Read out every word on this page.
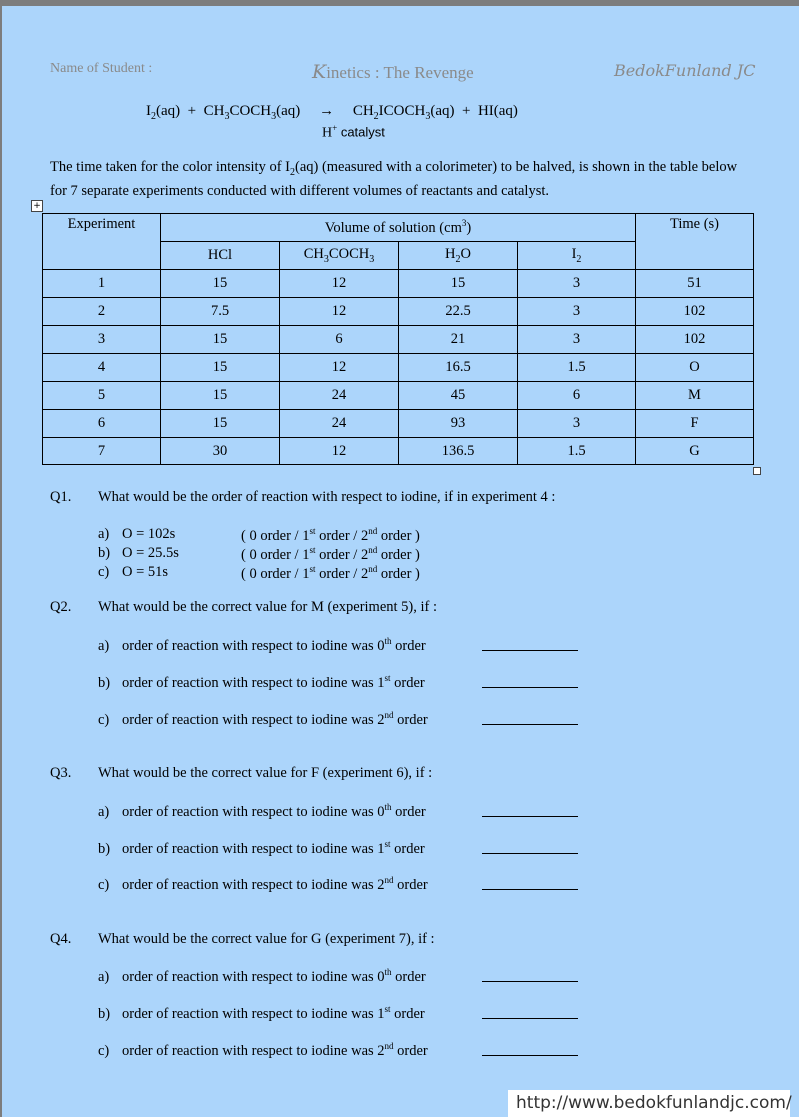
Name of Student :	Kinetics : The Revenge	BedokFunland JC
$I_2(aq)$ + $CH_3COCH_3(aq)$ → $CH_2ICOCH_3(aq) + HI(aq)$
H+ catalyst
The time taken for the color intensity of $I_2(aq)$ (measured with a colorimeter) to be halved, is shown in the table below for 7 separate experiments conducted with different volumes of reactants and catalyst.
+
Experiment	Volume of solution $(cm^3)$				Time (s)
	HCl	$CH_3COCH_3$	$H_2O$	$I_2$
1	15	12	15	3	51
2	7.5	12	22.5	3	102
3	15	6	21	3	102
4	15	12	16.5	1.5	O
5	15	24	45	6	M
6	15	24	93	3	F
7	30	12	136.5	1.5	G
Q1. What would be the order of reaction with respect to iodine, if in experiment 4 :
a) O = 102s	( 0 order / 1st order / 2nd order )
b) O = 25.5s	( 0 order / 1st order / 2nd order )
c) O = 51s	( 0 order / 1st order / 2nd order )
Q2. What would be the correct value for M (experiment 5), if :
a) order of reaction with respect to iodine was 0th order
b) order of reaction with respect to iodine was 1st order
c) order of reaction with respect to iodine was 2nd order
Q3. What would be the correct value for F (experiment 6), if :
a) order of reaction with respect to iodine was 0th order
b) order of reaction with respect to iodine was 1st order
c) order of reaction with respect to iodine was 2nd order
Q4. What would be the correct value for G (experiment 7), if :
a) order of reaction with respect to iodine was 0th order
b) order of reaction with respect to iodine was 1st order
c) order of reaction with respect to iodine was 2nd order
http://www.bedokfunlandjc.com/
